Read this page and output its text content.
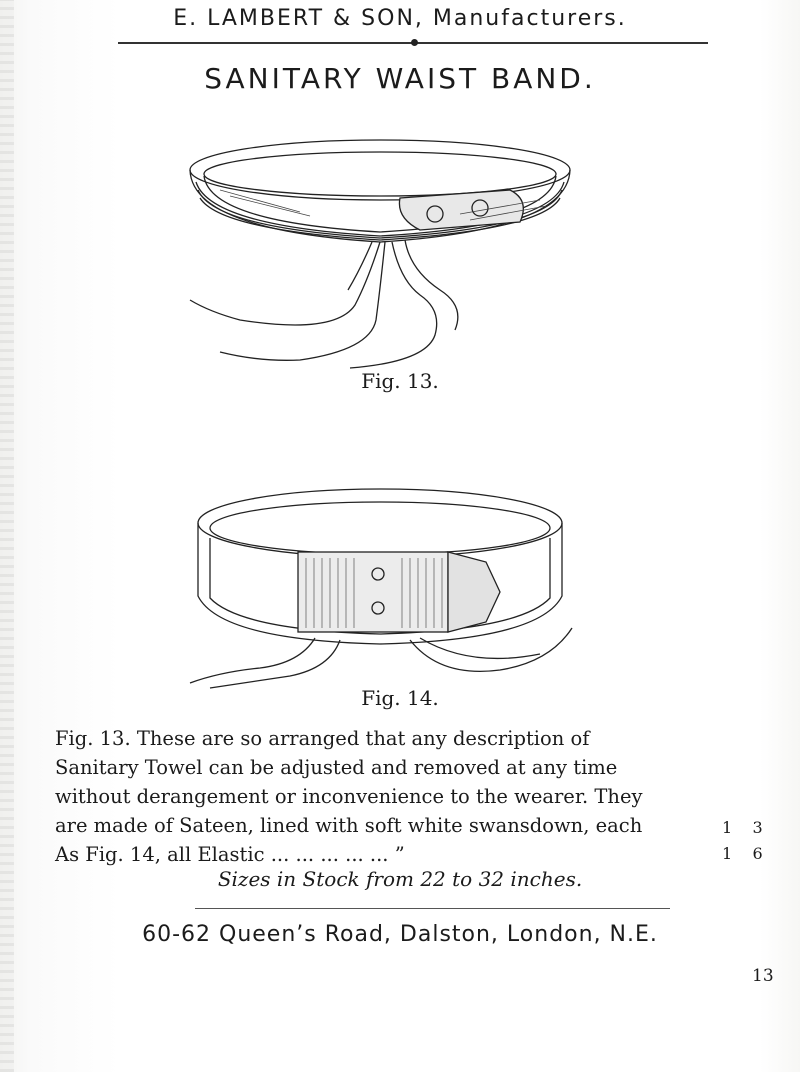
E. LAMBERT & SON, Manufacturers.
SANITARY WAIST BAND.
Fig. 13.
Fig. 14.
Fig. 13. These are so arranged that any description of
Sanitary Towel can be adjusted and removed at any time
without derangement or inconvenience to the wearer. They
are made of Sateen, lined with soft white swansdown, each
As Fig. 14, all Elastic ... ... ... ... ... ”
1 3
1 6
Sizes in Stock from 22 to 32 inches.
60-62 Queen’s Road, Dalston, London, N.E.
13
